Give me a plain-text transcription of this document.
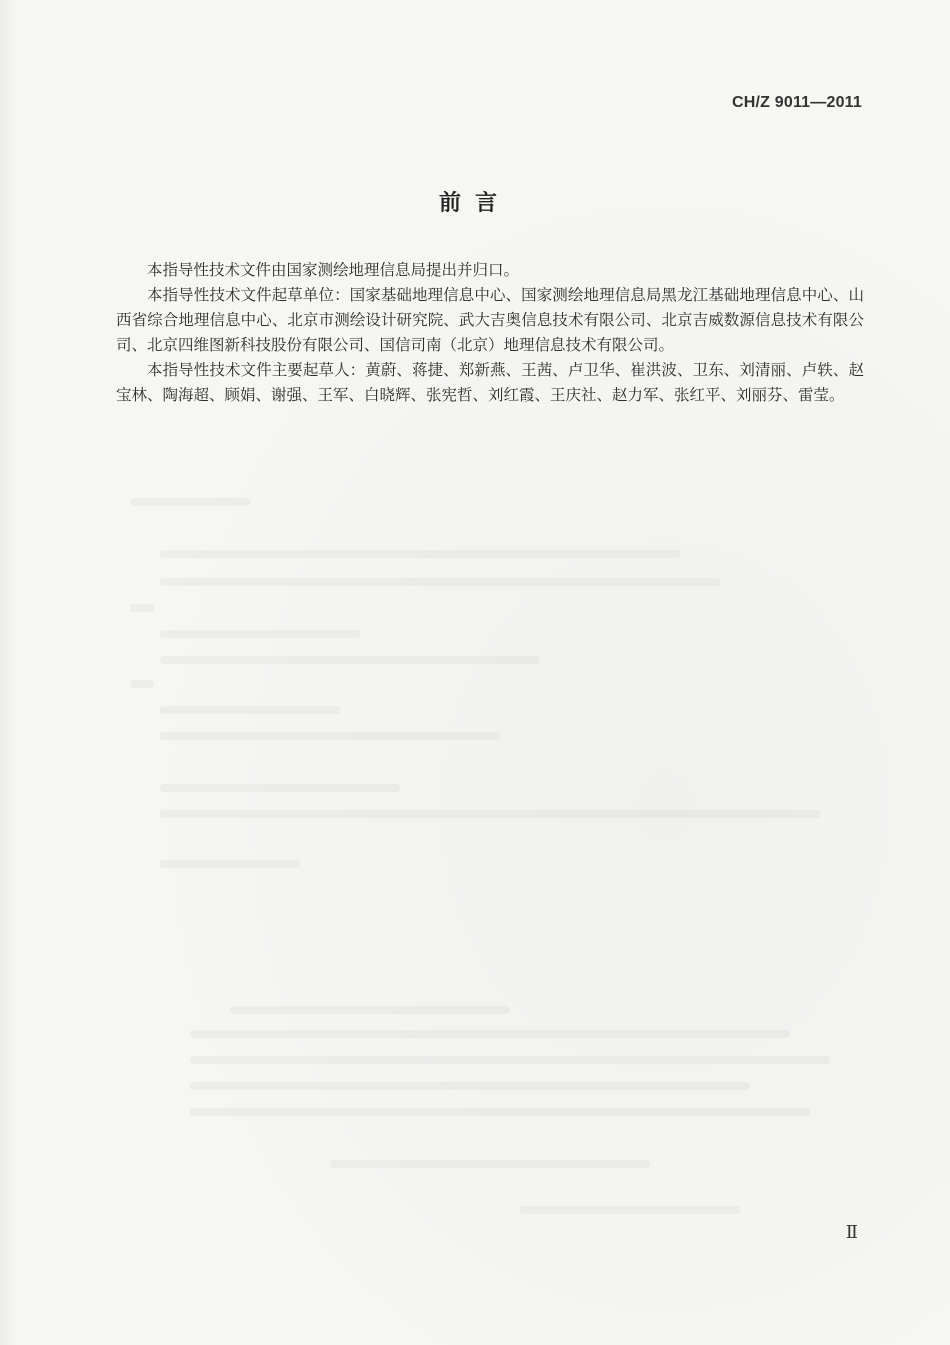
CH/Z 9011—2011
前言

本指导性技术文件由国家测绘地理信息局提出并归口。

本指导性技术文件起草单位：国家基础地理信息中心、国家测绘地理信息局黑龙江基础地理信息中心、山西省综合地理信息中心、北京市测绘设计研究院、武大吉奥信息技术有限公司、北京吉威数源信息技术有限公司、北京四维图新科技股份有限公司、国信司南（北京）地理信息技术有限公司。

本指导性技术文件主要起草人：黄蔚、蒋捷、郑新燕、王茜、卢卫华、崔洪波、卫东、刘清丽、卢轶、赵宝林、陶海超、顾娟、谢强、王军、白晓辉、张宪哲、刘红霞、王庆社、赵力军、张红平、刘丽芬、雷莹。

Ⅱ
